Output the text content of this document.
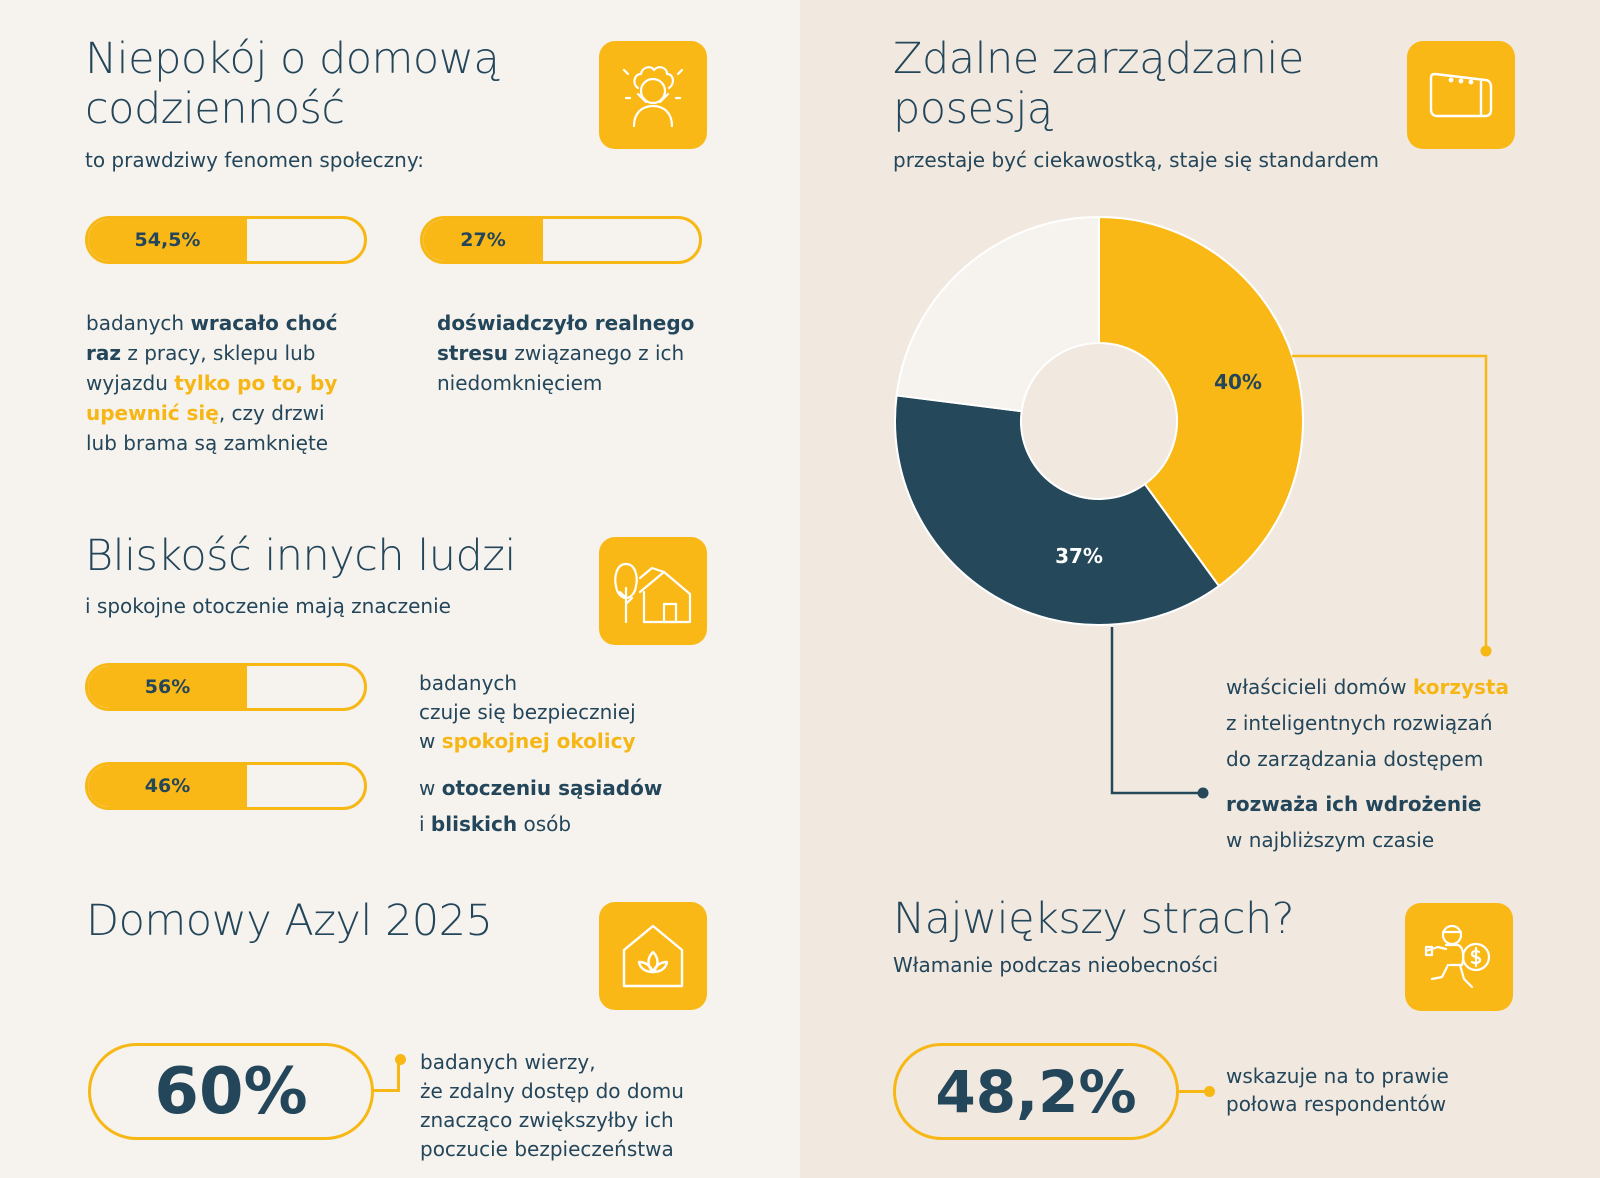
Niepokój o domową
codzienność
to prawdziwy fenomen społeczny:
54,5%	27%
badanych wracało choć
raz z pracy, sklepu lub
wyjazdu tylko po to, by
upewnić się, czy drzwi
lub brama są zamknięte
doświadczyło realnego
stresu związanego z ich
niedomknięciem
Bliskość innych ludzi
i spokojne otoczenie mają znaczenie
56%
46%
badanych
czuje się bezpieczniej
w spokojnej okolicy
w otoczeniu sąsiadów
i bliskich osób
Domowy Azyl 2025
60%	badanych wierzy,
że zdalny dostęp do domu
znacząco zwiększyłby ich
poczucie bezpieczeństwa
Zdalne zarządzanie
posesją
przestaje być ciekawostką, staje się standardem
40%
37%
właścicieli domów korzysta
z inteligentnych rozwiązań
do zarządzania dostępem
rozważa ich wdrożenie
w najbliższym czasie
Największy strach?
Włamanie podczas nieobecności
48,2%	wskazuje na to prawie
połowa respondentów
